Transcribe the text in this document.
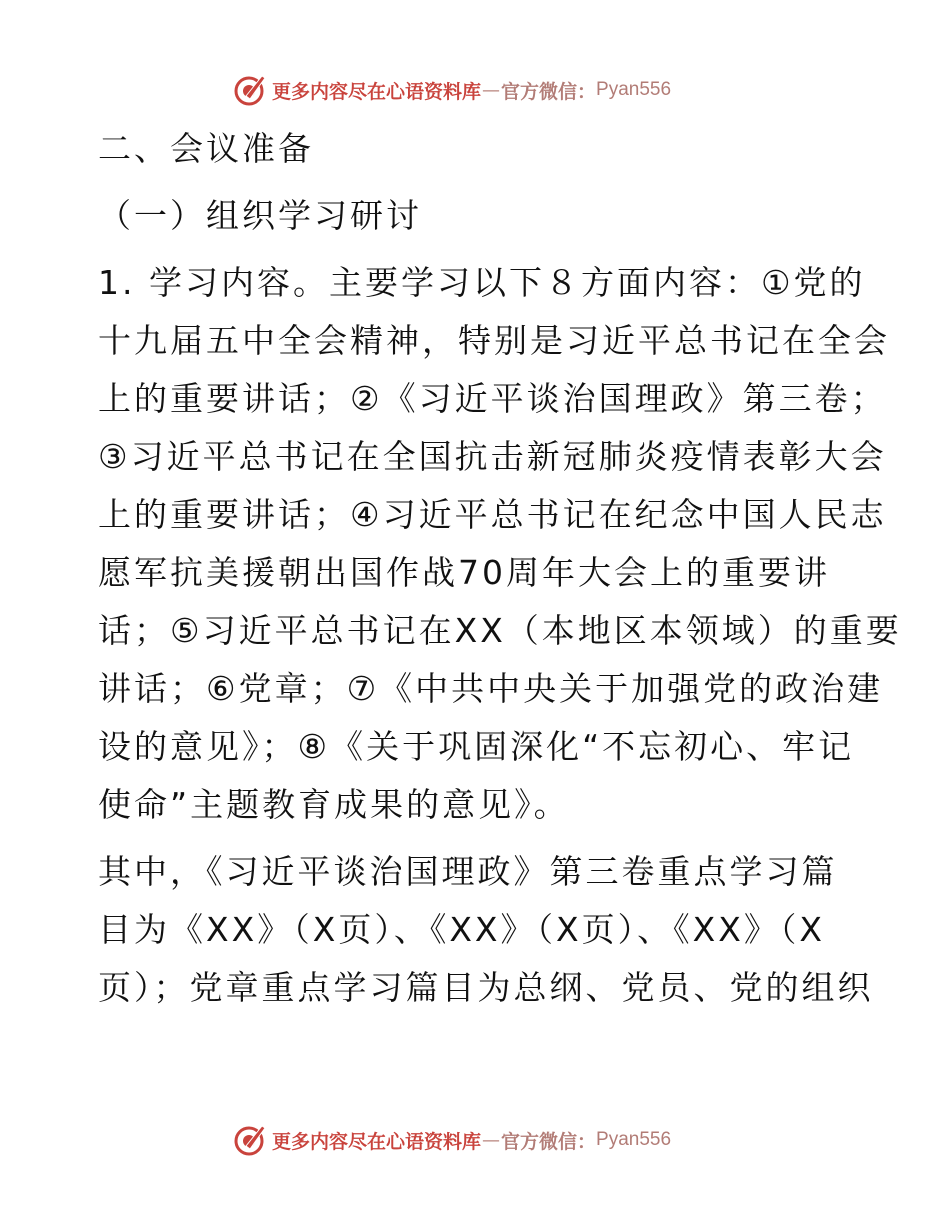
更多内容尽在心语资料库 — 官方微信： Pyan556
二、会议准备
（一）组织学习研讨
1. 学习内容。主要学习以下８方面内容：①党的
十九届五中全会精神，特别是习近平总书记在全会
上的重要讲话；②《习近平谈治国理政》第三卷；
③习近平总书记在全国抗击新冠肺炎疫情表彰大会
上的重要讲话；④习近平总书记在纪念中国人民志
愿军抗美援朝出国作战70周年大会上的重要讲
话；⑤习近平总书记在XX（本地区本领域）的重要
讲话；⑥党章；⑦《中共中央关于加强党的政治建
设的意见》；⑧《关于巩固深化“不忘初心、牢记
使命”主题教育成果的意见》。
其中，《习近平谈治国理政》第三卷重点学习篇
目为《XX》（X页）、《XX》（X页）、《XX》（X
页）；党章重点学习篇目为总纲、党员、党的组织
更多内容尽在心语资料库 — 官方微信： Pyan556
